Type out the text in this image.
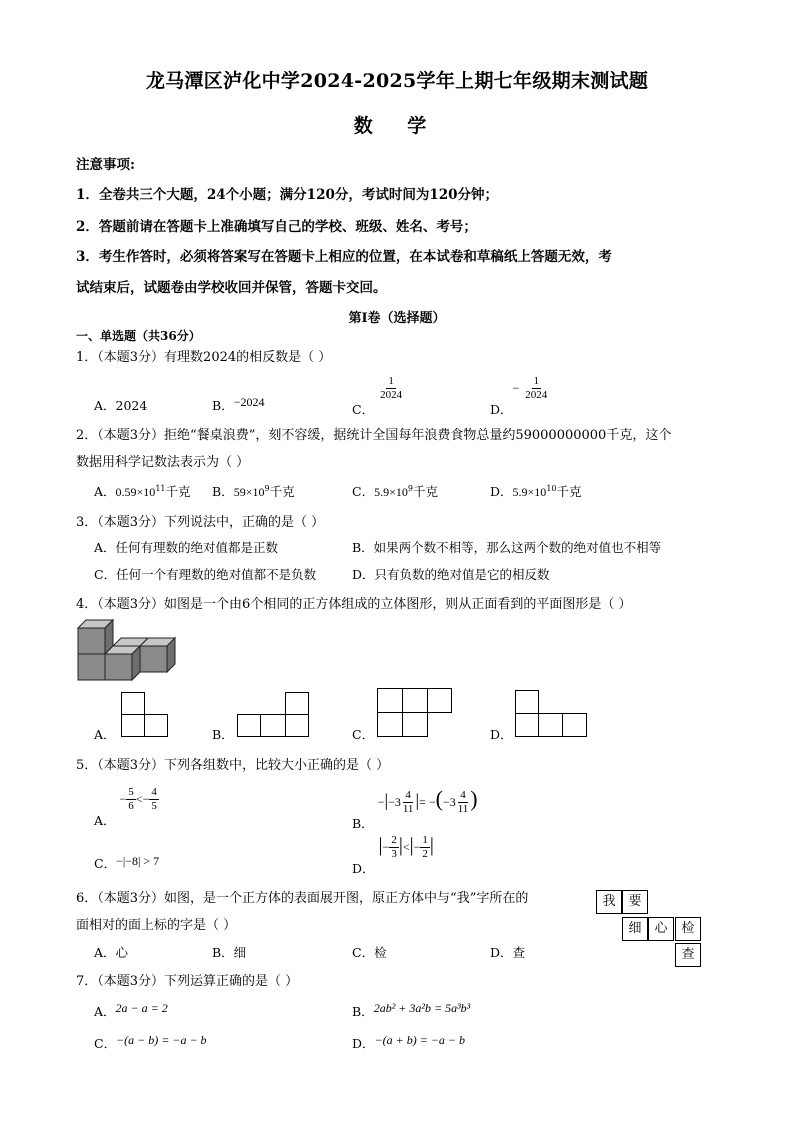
龙马潭区泸化中学2024-2025学年上期七年级期末测试题
数 学
注意事项:
1．全卷共三个大题，24个小题；满分120分，考试时间为120分钟；
2．答题前请在答题卡上准确填写自己的学校、班级、姓名、考号；
3．考生作答时，必须将答案写在答题卡上相应的位置，在本试卷和草稿纸上答题无效，考
试结束后，试题卷由学校收回并保管，答题卡交回。
第I卷（选择题）
一、单选题（共36分）
1．（本题3分）有理数2024的相反数是（ ）
A．2024	B．−2024	C．
$\frac{1}{2024}$
D．− $\frac{1}{2024}$
2．（本题3分）拒绝“餐桌浪费”，刻不容缓，据统计全国每年浪费食物总量约59000000000千克，这个
数据用科学记数法表示为（ ）
A．$0.59\times 10^{11}$千克 B．$59\times 10^9$千克	C．$5.9\times 10^9$千克	D．$5.9\times 10^{10}$千克
3．（本题3分）下列说法中，正确的是（ ）
A．任何有理数的绝对值都是正数	B．如果两个数不相等，那么这两个数的绝对值也不相等
C．任何一个有理数的绝对值都不是负数	D．只有负数的绝对值是它的相反数
4．（本题3分）如图是一个由6个相同的正方体组成的立体图形，则从正面看到的平面图形是（ ）
A．	B．	C．	D．
5．（本题3分）下列各组数中，比较大小正确的是（ ）
A． − $\frac{5}{6} <- \frac{4}{5}$
B． $-|-3 \frac{4}{11}$ |= $-(-3 \frac{4}{11}$ )
C．−|−8| > 7	D． |− $\frac{2}{3}$ |<|− $\frac{1}{2}$ |
6．（本题3分）如图，是一个正方体的表面展开图，原正方体中与“我”字所在的
面相对的面上标的字是（ ）
A．心	B．细	C．检	D．查
我 要
细 心	检
查
7．（本题3分）下列运算正确的是（ ）
A．2a − a = 2	B．2ab² + 3a²b = 5a³b³
C．−(a − b) = −a − b	D．−(a + b) = −a − b
